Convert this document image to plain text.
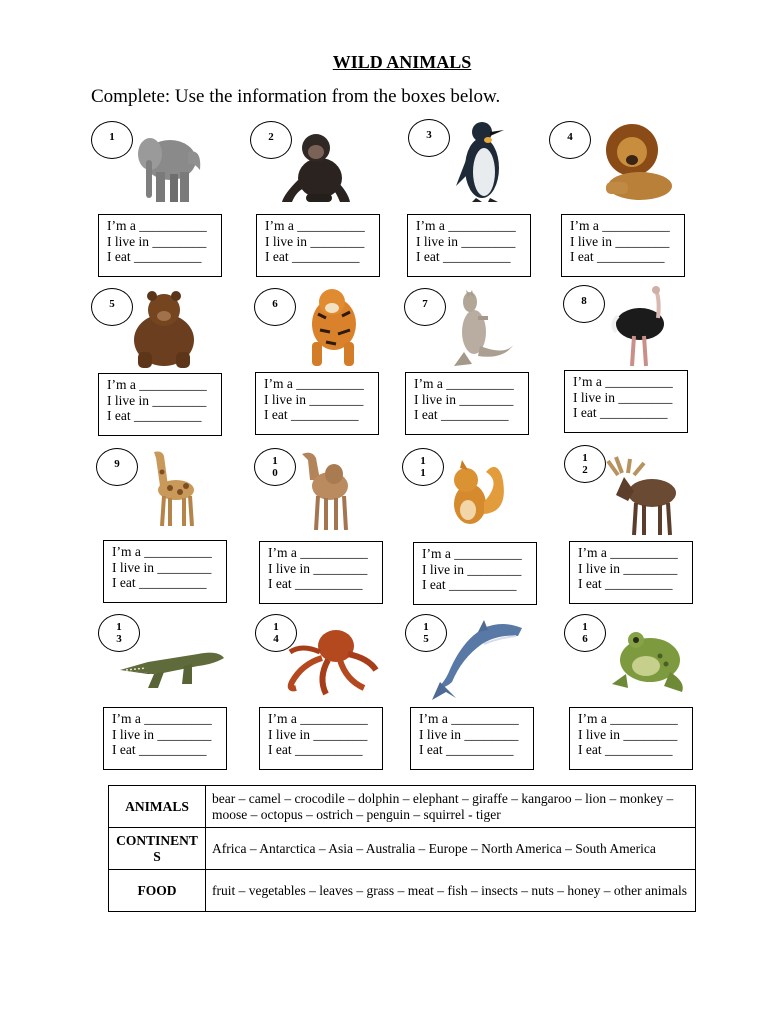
WILD ANIMALS
Complete: Use the information from the boxes below.
1
I’m a __________
I live in ________
I eat __________
2
I’m a __________
I live in ________
I eat __________
3
I’m a __________
I live in ________
I eat __________
4
I’m a __________
I live in ________
I eat __________
5
I’m a __________
I live in ________
I eat __________
6
I’m a __________
I live in ________
I eat __________
7
I’m a __________
I live in ________
I eat __________
8
I’m a __________
I live in ________
I eat __________
9
I’m a __________
I live in ________
I eat __________
10
I’m a __________
I live in ________
I eat __________
11
I’m a __________
I live in ________
I eat __________
12
I’m a __________
I live in ________
I eat __________
13
I’m a __________
I live in ________
I eat __________
14
I’m a __________
I live in ________
I eat __________
15
I’m a __________
I live in ________
I eat __________
16
I’m a __________
I live in ________
I eat __________
ANIMALS	bear – camel – crocodile – dolphin – elephant – giraffe – kangaroo – lion – monkey – moose – octopus – ostrich – penguin – squirrel - tiger
CONTINENTS	Africa – Antarctica – Asia – Australia – Europe – North America – South America
FOOD	fruit – vegetables – leaves – grass – meat – fish – insects – nuts – honey – other animals
